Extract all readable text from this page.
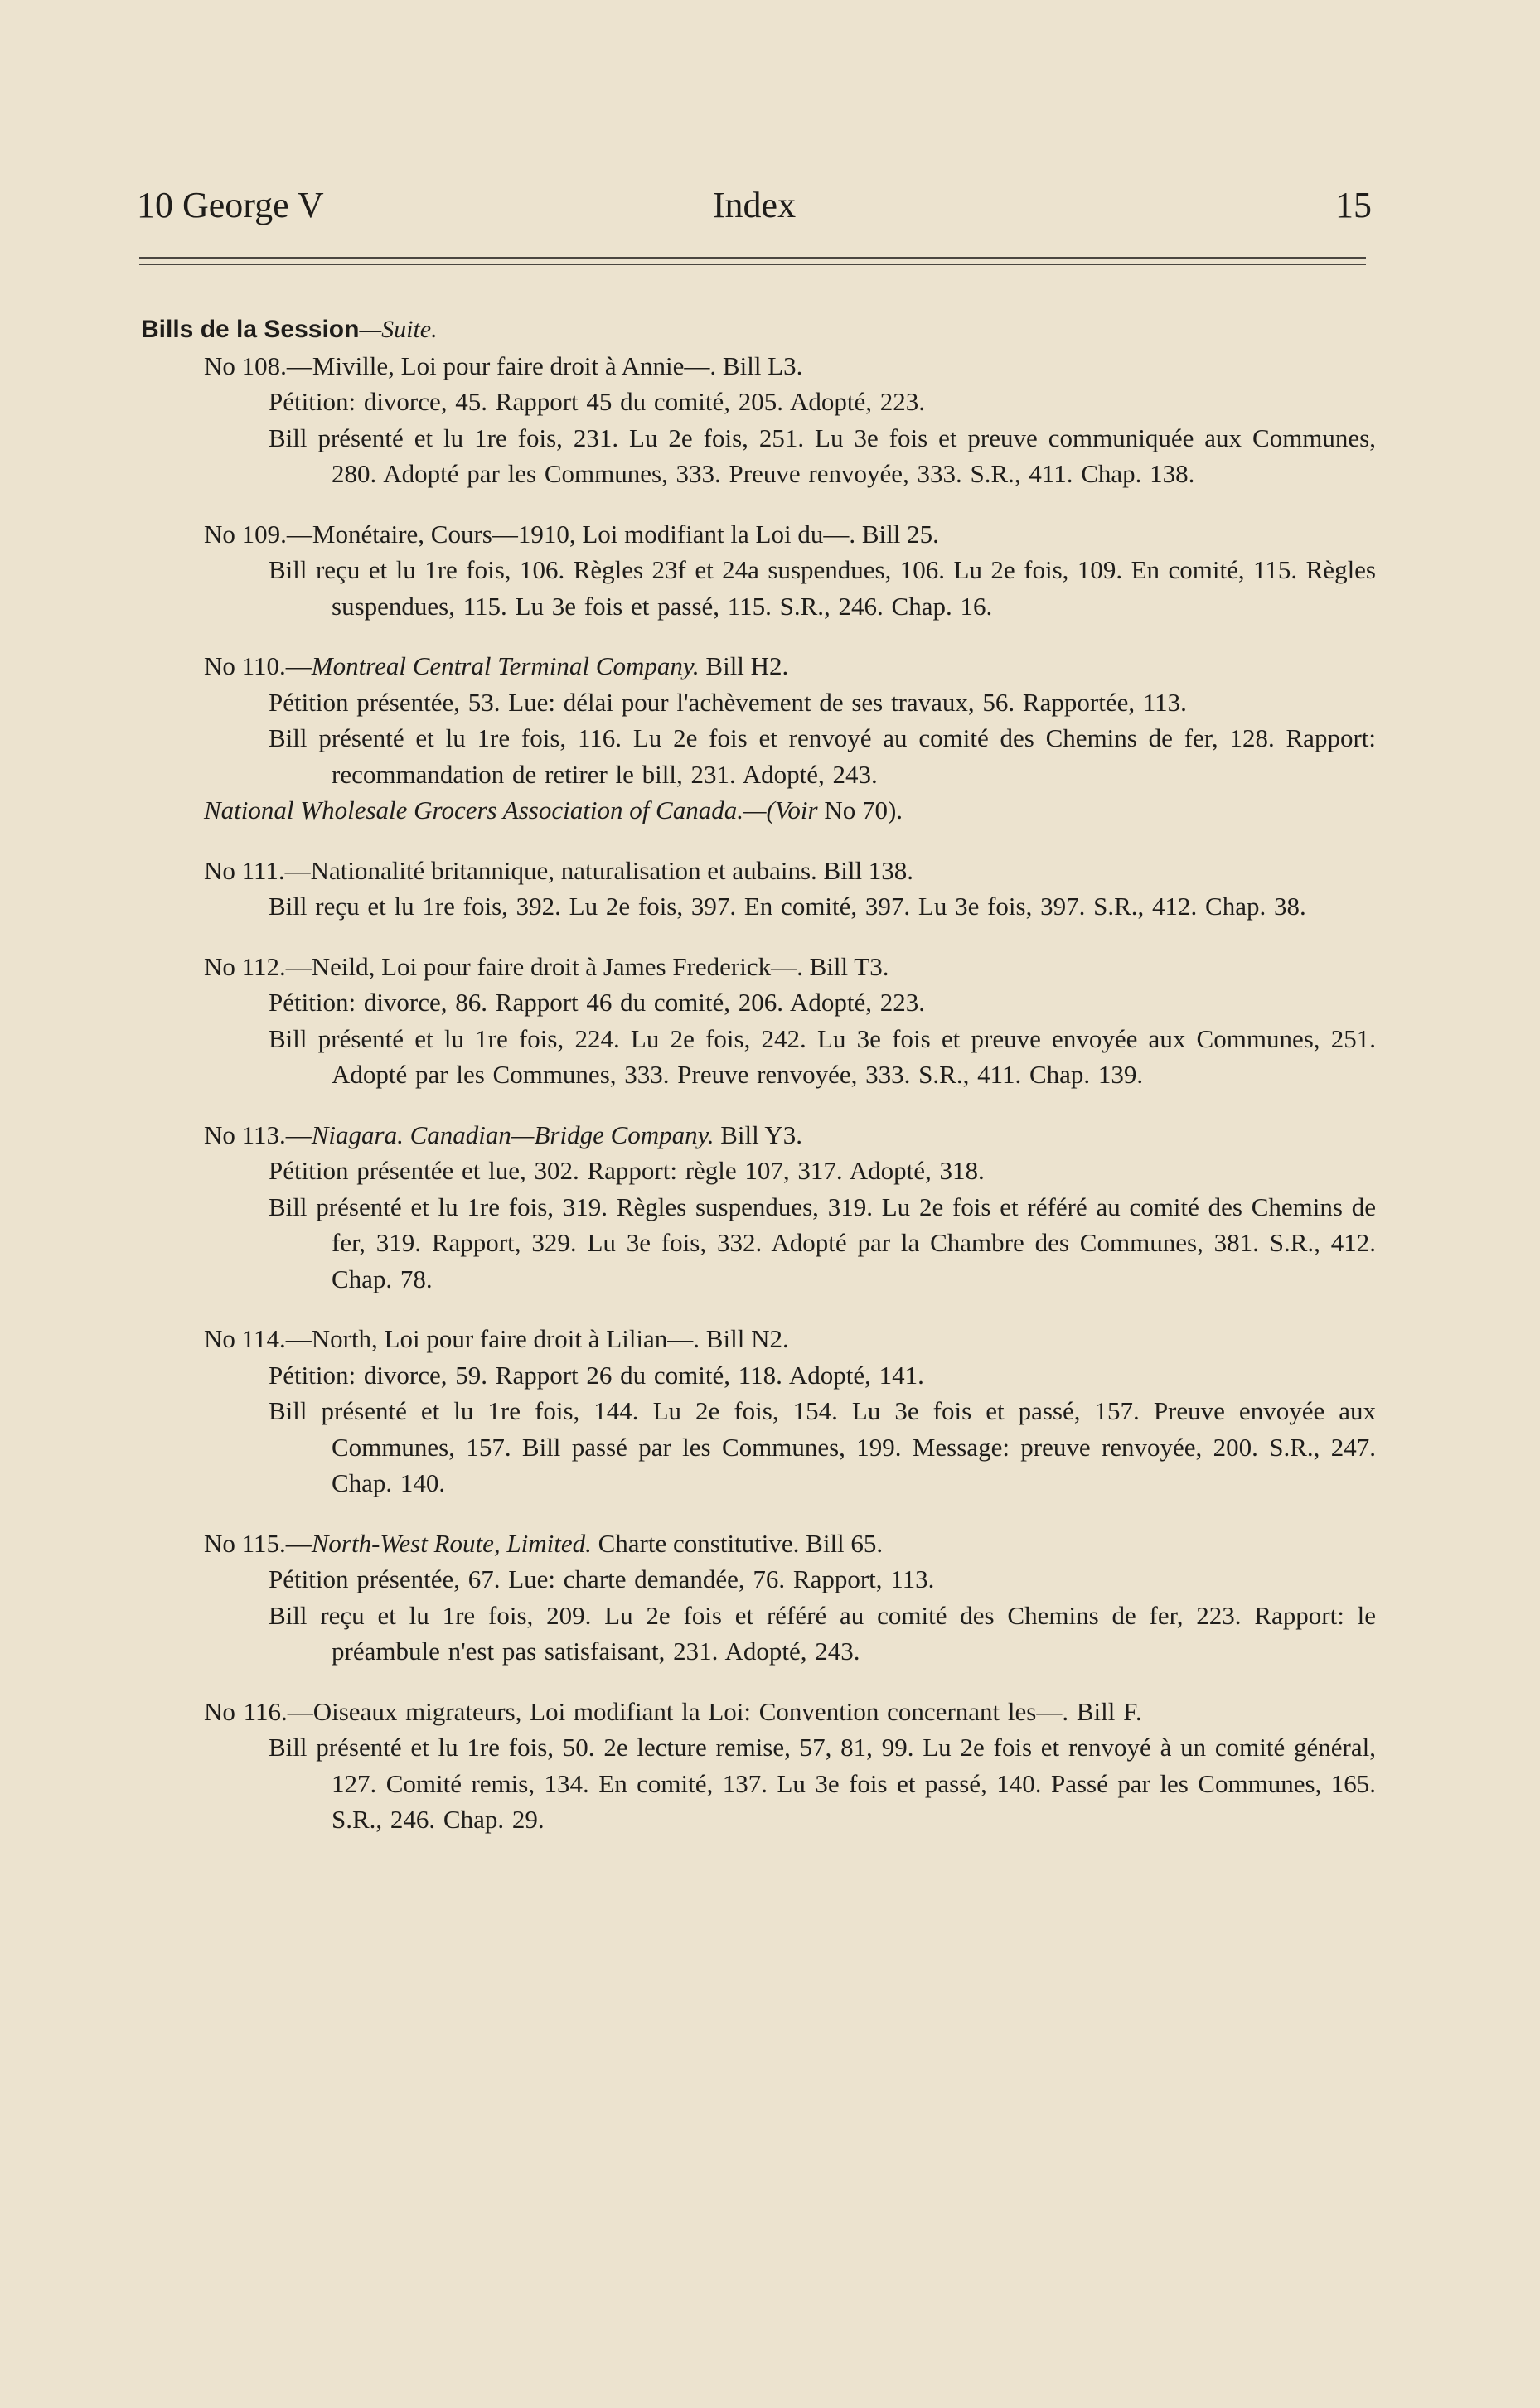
10 George V	Index	15
Bills de la Session—Suite.
No 108.—Miville, Loi pour faire droit à Annie—. Bill L3.
Pétition: divorce, 45. Rapport 45 du comité, 205. Adopté, 223.
Bill présenté et lu 1re fois, 231. Lu 2e fois, 251. Lu 3e fois et preuve communiquée aux Communes, 280. Adopté par les Communes, 333. Preuve renvoyée, 333. S.R., 411. Chap. 138.
No 109.—Monétaire, Cours—1910, Loi modifiant la Loi du—. Bill 25.
Bill reçu et lu 1re fois, 106. Règles 23f et 24a suspendues, 106. Lu 2e fois, 109. En comité, 115. Règles suspendues, 115. Lu 3e fois et passé, 115. S.R., 246. Chap. 16.
No 110.—Montreal Central Terminal Company. Bill H2.
Pétition présentée, 53. Lue: délai pour l'achèvement de ses travaux, 56. Rapportée, 113.
Bill présenté et lu 1re fois, 116. Lu 2e fois et renvoyé au comité des Chemins de fer, 128. Rapport: recommandation de retirer le bill, 231. Adopté, 243.
National Wholesale Grocers Association of Canada.—(Voir No 70).
No 111.—Nationalité britannique, naturalisation et aubains. Bill 138.
Bill reçu et lu 1re fois, 392. Lu 2e fois, 397. En comité, 397. Lu 3e fois, 397. S.R., 412. Chap. 38.
No 112.—Neild, Loi pour faire droit à James Frederick—. Bill T3.
Pétition: divorce, 86. Rapport 46 du comité, 206. Adopté, 223.
Bill présenté et lu 1re fois, 224. Lu 2e fois, 242. Lu 3e fois et preuve envoyée aux Communes, 251. Adopté par les Communes, 333. Preuve renvoyée, 333. S.R., 411. Chap. 139.
No 113.—Niagara. Canadian—Bridge Company. Bill Y3.
Pétition présentée et lue, 302. Rapport: règle 107, 317. Adopté, 318.
Bill présenté et lu 1re fois, 319. Règles suspendues, 319. Lu 2e fois et référé au comité des Chemins de fer, 319. Rapport, 329. Lu 3e fois, 332. Adopté par la Chambre des Communes, 381. S.R., 412. Chap. 78.
No 114.—North, Loi pour faire droit à Lilian—. Bill N2.
Pétition: divorce, 59. Rapport 26 du comité, 118. Adopté, 141.
Bill présenté et lu 1re fois, 144. Lu 2e fois, 154. Lu 3e fois et passé, 157. Preuve envoyée aux Communes, 157. Bill passé par les Communes, 199. Message: preuve renvoyée, 200. S.R., 247. Chap. 140.
No 115.—North-West Route, Limited. Charte constitutive. Bill 65.
Pétition présentée, 67. Lue: charte demandée, 76. Rapport, 113.
Bill reçu et lu 1re fois, 209. Lu 2e fois et référé au comité des Chemins de fer, 223. Rapport: le préambule n'est pas satisfaisant, 231. Adopté, 243.
No 116.—Oiseaux migrateurs, Loi modifiant la Loi: Convention concernant les—. Bill F.
Bill présenté et lu 1re fois, 50. 2e lecture remise, 57, 81, 99. Lu 2e fois et renvoyé à un comité général, 127. Comité remis, 134. En comité, 137. Lu 3e fois et passé, 140. Passé par les Communes, 165. S.R., 246. Chap. 29.
